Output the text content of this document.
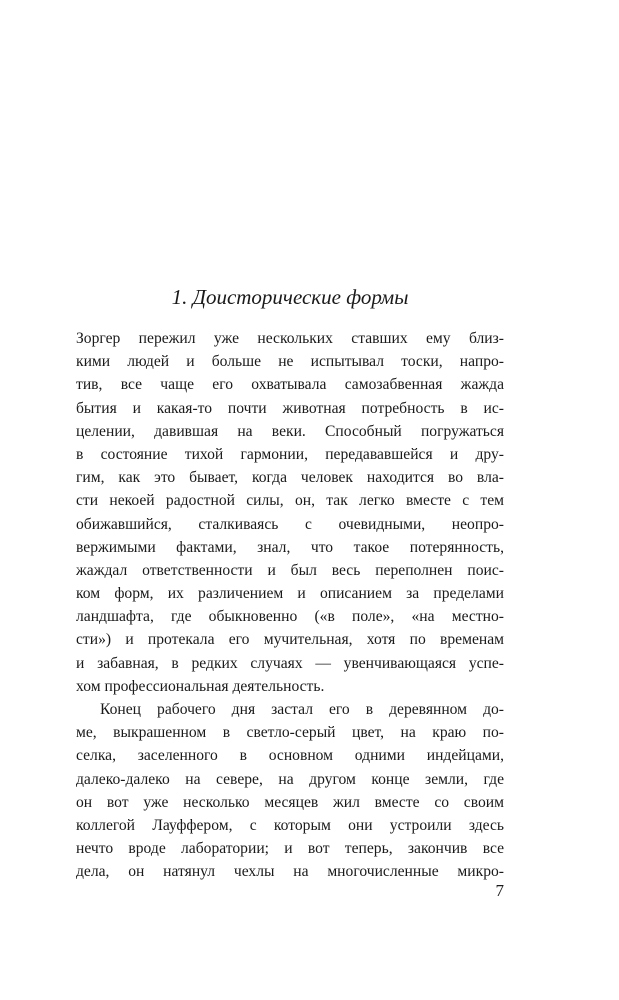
1. Доисторические формы
Зоргер пережил уже нескольких ставших ему близ-
кими людей и больше не испытывал тоски, напро-
тив, все чаще его охватывала самозабвенная жажда
бытия и какая-то почти животная потребность в ис-
целении, давившая на веки. Способный погружаться
в состояние тихой гармонии, передававшейся и дру-
гим, как это бывает, когда человек находится во вла-
сти некоей радостной силы, он, так легко вместе с тем
обижавшийся, сталкиваясь с очевидными, неопро-
вержимыми фактами, знал, что такое потерянность,
жаждал ответственности и был весь переполнен поис-
ком форм, их различением и описанием за пределами
ландшафта, где обыкновенно («в поле», «на местно-
сти») и протекала его мучительная, хотя по временам
и забавная, в редких случаях — увенчивающаяся успе-
хом профессиональная деятельность.
Конец рабочего дня застал его в деревянном до-
ме, выкрашенном в светло-серый цвет, на краю по-
селка, заселенного в основном одними индейцами,
далеко-далеко на севере, на другом конце земли, где
он вот уже несколько месяцев жил вместе со своим
коллегой Лауффером, с которым они устроили здесь
нечто вроде лаборатории; и вот теперь, закончив все
дела, он натянул чехлы на многочисленные микро-
7
